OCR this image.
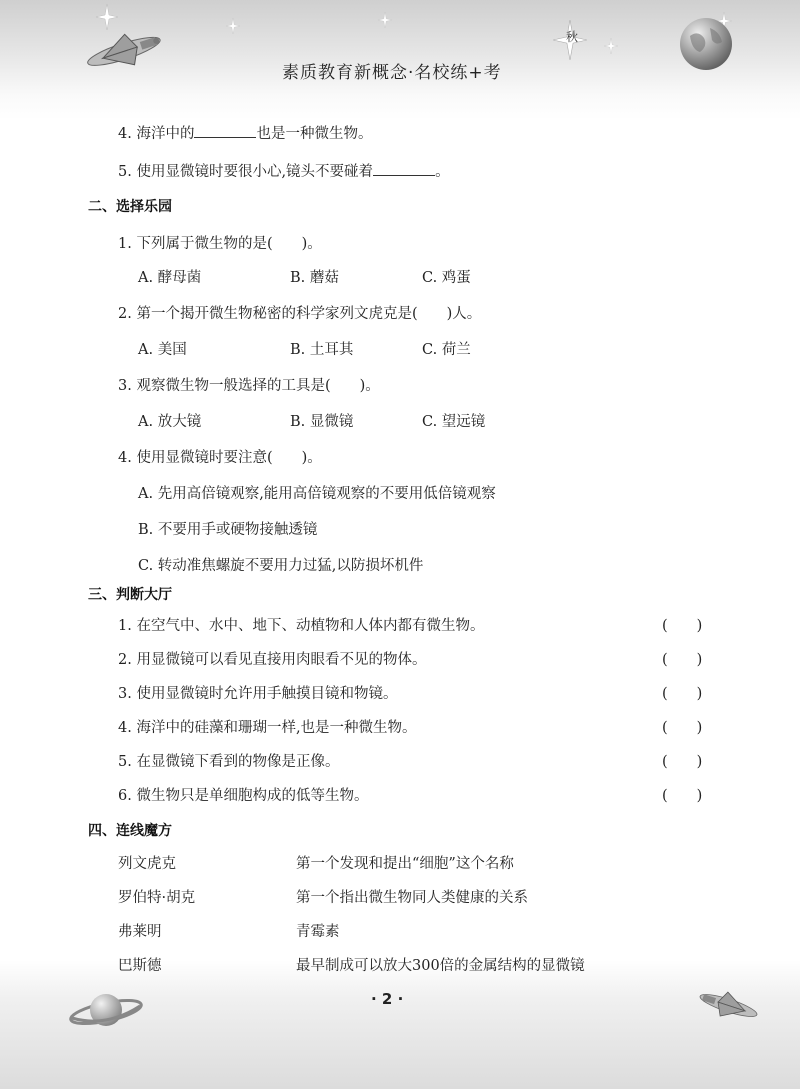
秋
素质教育新概念·名校练+考
4. 海洋中的	也是一种微生物。
5. 使用显微镜时要很小心,镜头不要碰着	。
二、选择乐园
1. 下列属于微生物的是(　　)。
A. 酵母菌	B. 蘑菇	C. 鸡蛋
2. 第一个揭开微生物秘密的科学家列文虎克是(　　)人。
A. 美国	B. 土耳其	C. 荷兰
3. 观察微生物一般选择的工具是(　　)。
A. 放大镜	B. 显微镜	C. 望远镜
4. 使用显微镜时要注意(　　)。
A. 先用高倍镜观察,能用高倍镜观察的不要用低倍镜观察
B. 不要用手或硬物接触透镜
C. 转动准焦螺旋不要用力过猛,以防损坏机件
三、判断大厅
1. 在空气中、水中、地下、动植物和人体内都有微生物。	(　　)
2. 用显微镜可以看见直接用肉眼看不见的物体。	(　　)
3. 使用显微镜时允许用手触摸目镜和物镜。	(　　)
4. 海洋中的硅藻和珊瑚一样,也是一种微生物。	(　　)
5. 在显微镜下看到的物像是正像。	(　　)
6. 微生物只是单细胞构成的低等生物。	(　　)
四、连线魔方
列文虎克	第一个发现和提出“细胞”这个名称
罗伯特·胡克	第一个指出微生物同人类健康的关系
弗莱明	青霉素
巴斯德	最早制成可以放大300倍的金属结构的显微镜
· 2 ·
